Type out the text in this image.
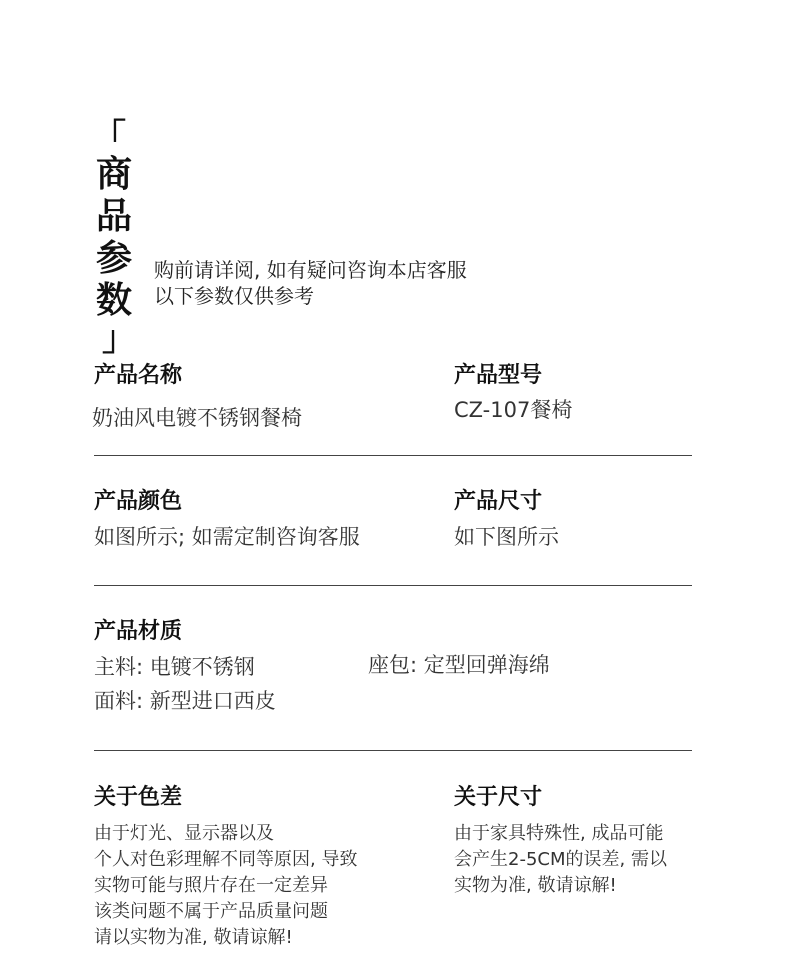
「
商
品
参
数
」
购前请详阅, 如有疑问咨询本店客服
以下参数仅供参考
产品名称
奶油风电镀不锈钢餐椅
产品型号
CZ-107餐椅
产品颜色
如图所示; 如需定制咨询客服
产品尺寸
如下图所示
产品材质
主料: 电镀不锈钢	座包: 定型回弹海绵
面料: 新型进口西皮
关于色差
由于灯光、显示器以及
个人对色彩理解不同等原因, 导致
实物可能与照片存在一定差异
该类问题不属于产品质量问题
请以实物为准, 敬请谅解!
关于尺寸
由于家具特殊性, 成品可能
会产生2-5CM的误差, 需以
实物为准, 敬请谅解!
